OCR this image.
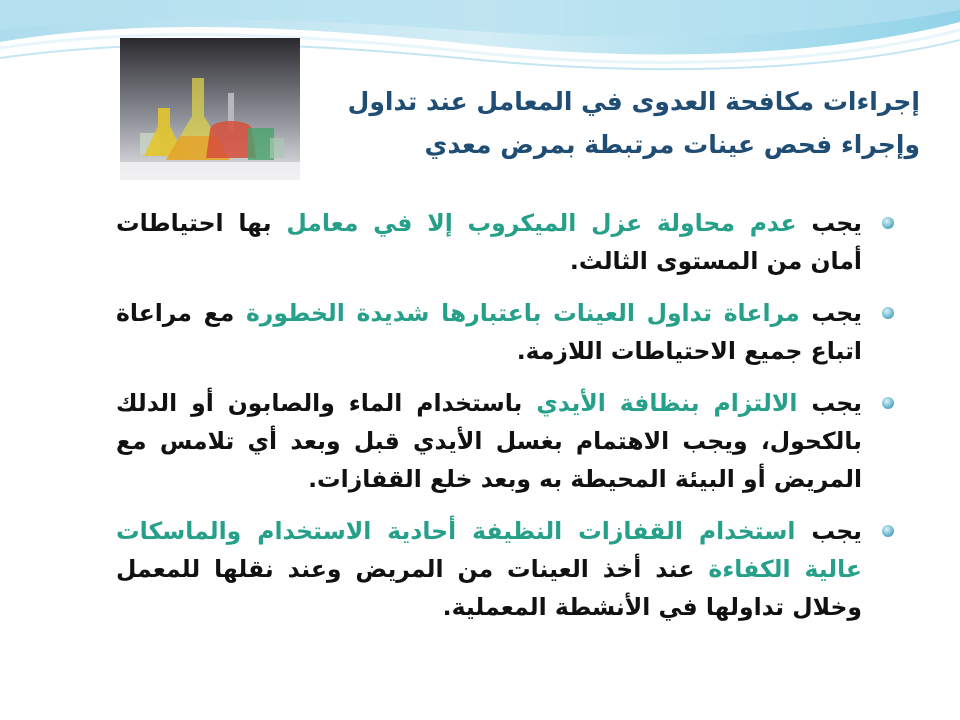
إجراءات مكافحة العدوى في المعامل عند تداول
وإجراء فحص عينات مرتبطة بمرض معدي
يجب عدم محاولة عزل الميكروب إلا في معامل بها احتياطات أمان من المستوى الثالث.
يجب مراعاة تداول العينات باعتبارها شديدة الخطورة مع مراعاة اتباع جميع الاحتياطات اللازمة.
يجب الالتزام بنظافة الأيدي باستخدام الماء والصابون أو الدلك بالكحول، ويجب الاهتمام بغسل الأيدي قبل وبعد أي تلامس مع المريض أو البيئة المحيطة به وبعد خلع القفازات.
يجب استخدام القفازات النظيفة أحادية الاستخدام والماسكات عالية الكفاءة عند أخذ العينات من المريض وعند نقلها للمعمل وخلال تداولها في الأنشطة المعملية.
